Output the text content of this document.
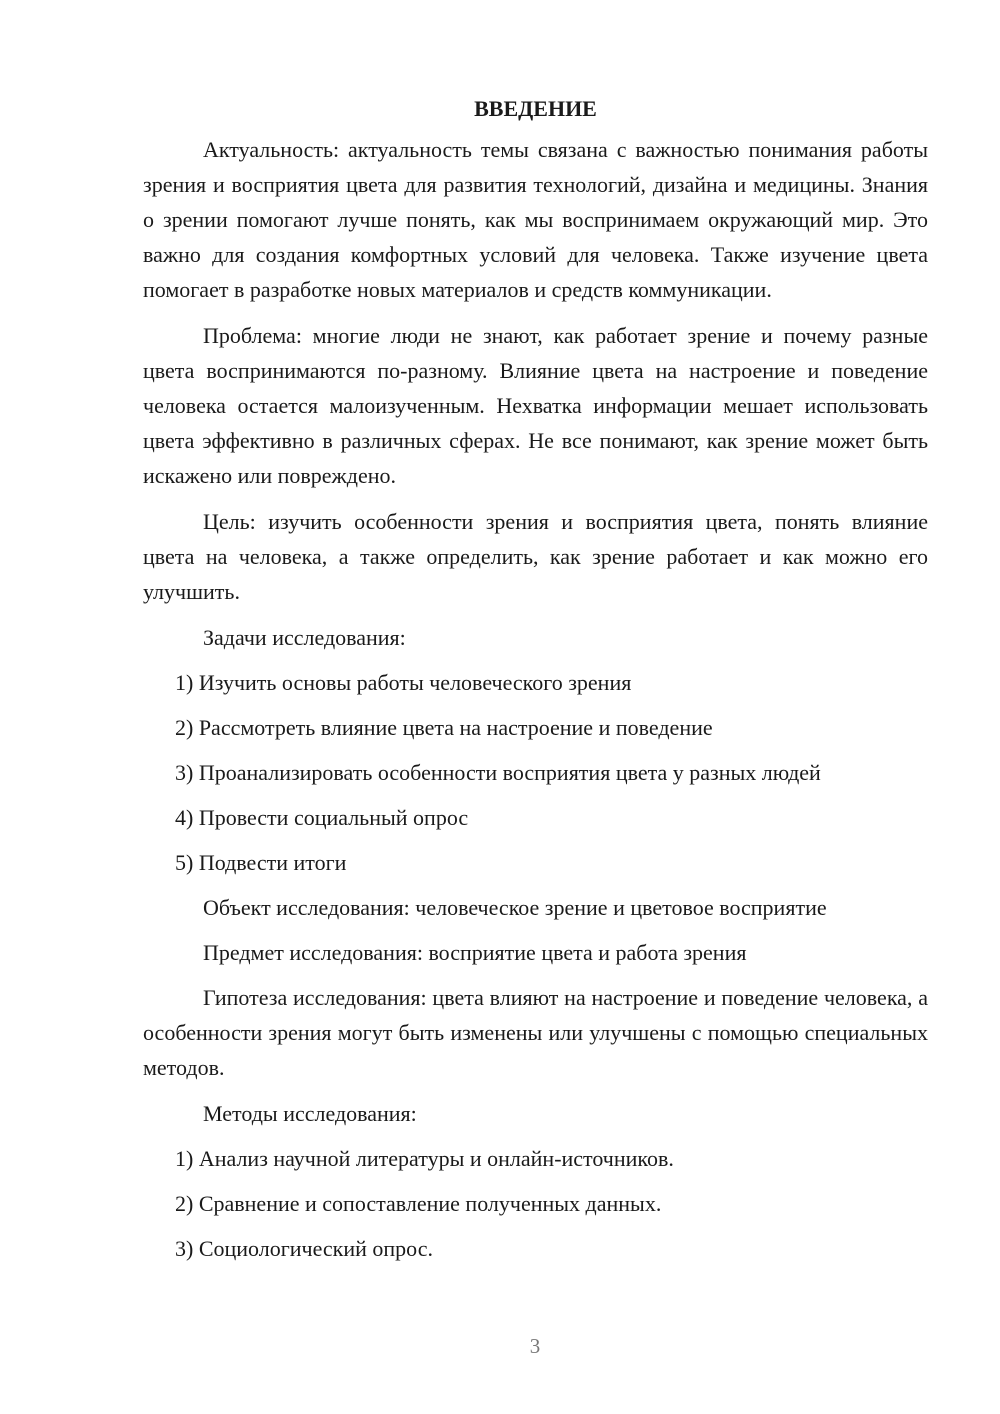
ВВЕДЕНИЕ

Актуальность: актуальность темы связана с важностью понимания работы зрения и восприятия цвета для развития технологий, дизайна и медицины. Знания о зрении помогают лучше понять, как мы воспринимаем окружающий мир. Это важно для создания комфортных условий для человека. Также изучение цвета помогает в разработке новых материалов и средств коммуникации.

Проблема: многие люди не знают, как работает зрение и почему разные цвета воспринимаются по-разному. Влияние цвета на настроение и поведение человека остается малоизученным. Нехватка информации мешает использовать цвета эффективно в различных сферах. Не все понимают, как зрение может быть искажено или повреждено.

Цель: изучить особенности зрения и восприятия цвета, понять влияние цвета на человека, а также определить, как зрение работает и как можно его улучшить.

Задачи исследования:
1) Изучить основы работы человеческого зрения
2) Рассмотреть влияние цвета на настроение и поведение
3) Проанализировать особенности восприятия цвета у разных людей
4) Провести социальный опрос
5) Подвести итоги
Объект исследования: человеческое зрение и цветовое восприятие
Предмет исследования: восприятие цвета и работа зрения

Гипотеза исследования: цвета влияют на настроение и поведение человека, а особенности зрения могут быть изменены или улучшены с помощью специальных методов.

Методы исследования:
1) Анализ научной литературы и онлайн-источников.
2) Сравнение и сопоставление полученных данных.
3) Социологический опрос.
3
